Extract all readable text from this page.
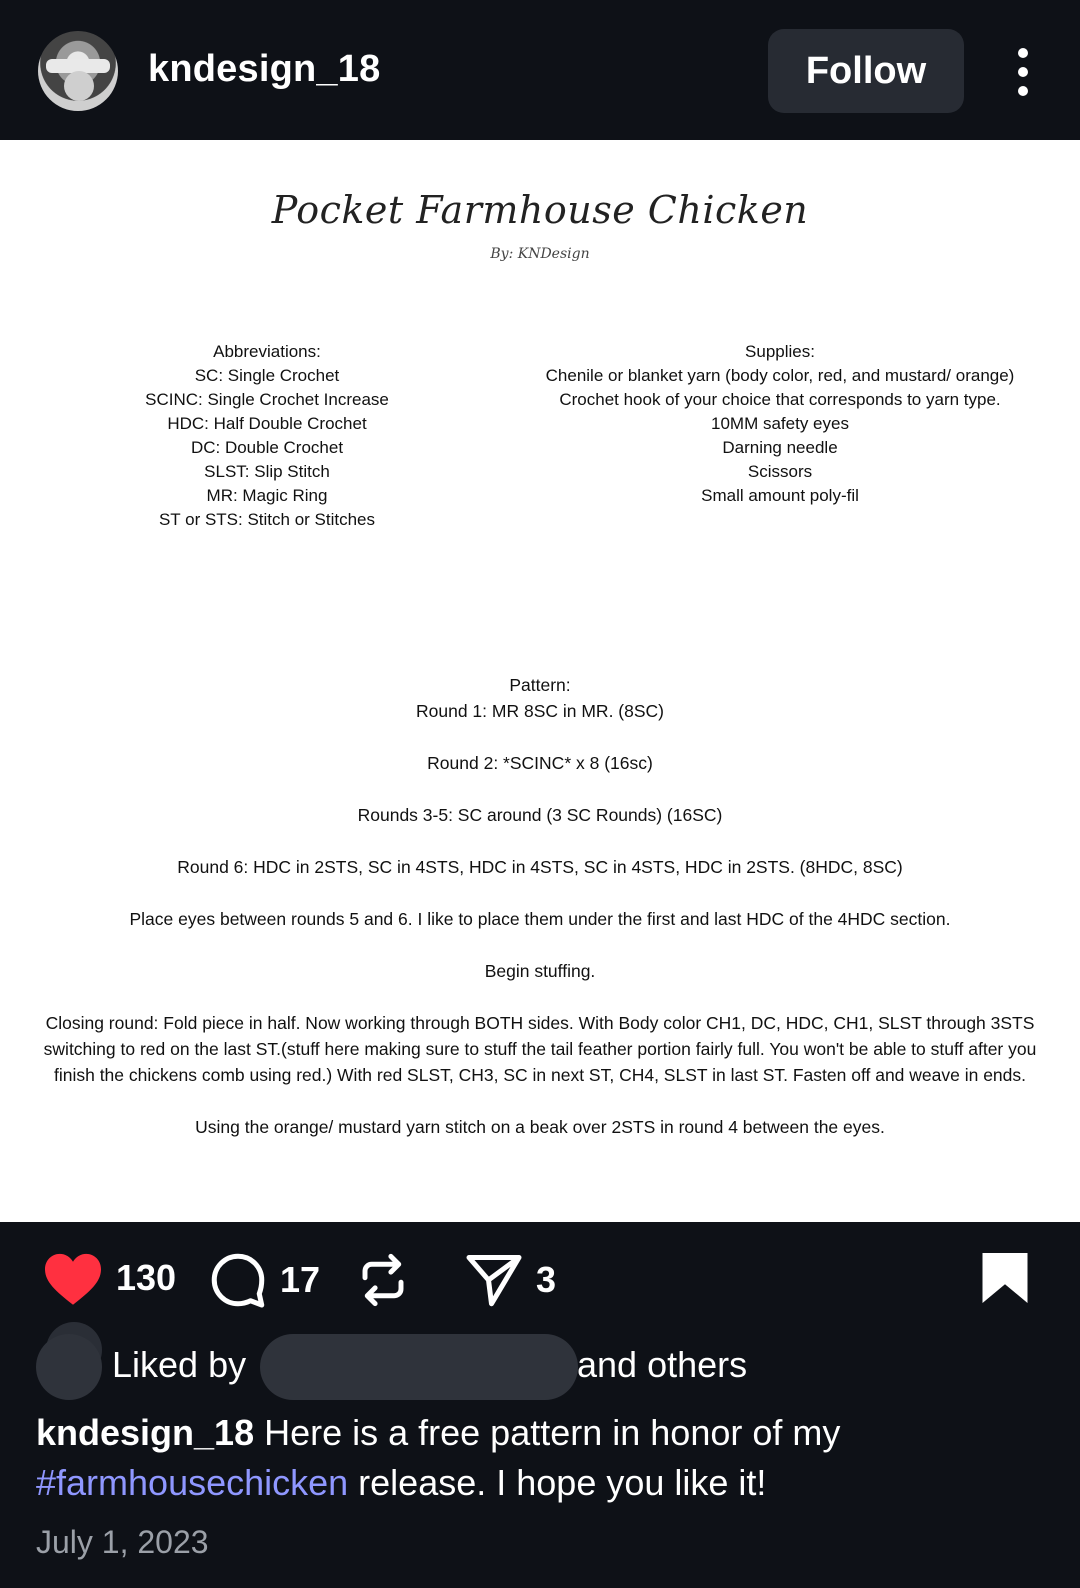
kndesign_18	Follow
Pocket Farmhouse Chicken
By: KNDesign
Abbreviations:
SC: Single Crochet
SCINC: Single Crochet Increase
HDC: Half Double Crochet
DC: Double Crochet
SLST: Slip Stitch
MR: Magic Ring
ST or STS: Stitch or Stitches
Supplies:
Chenile or blanket yarn (body color, red, and mustard/ orange)
Crochet hook of your choice that corresponds to yarn type.
10MM safety eyes
Darning needle
Scissors
Small amount poly-fil

Pattern:

Round 1: MR 8SC in MR. (8SC)

Round 2: *SCINC* x 8 (16sc)

Rounds 3-5: SC around (3 SC Rounds) (16SC)

Round 6: HDC in 2STS, SC in 4STS, HDC in 4STS, SC in 4STS, HDC in 2STS. (8HDC, 8SC)

Place eyes between rounds 5 and 6. I like to place them under the first and last HDC of the 4HDC section.

Begin stuffing.

Closing round: Fold piece in half. Now working through BOTH sides. With Body color CH1, DC, HDC, CH1, SLST through 3STS switching to red on the last ST.(stuff here making sure to stuff the tail feather portion fairly full. You won't be able to stuff after you finish the chickens comb using red.) With red SLST, CH3, SC in next ST, CH4, SLST in last ST. Fasten off and weave in ends.

Using the orange/ mustard yarn stitch on a beak over 2STS in round 4 between the eyes.

130	17	3
Liked by	and others
kndesign_18 Here is a free pattern in honor of my #farmhousechicken release. I hope you like it!
July 1, 2023
